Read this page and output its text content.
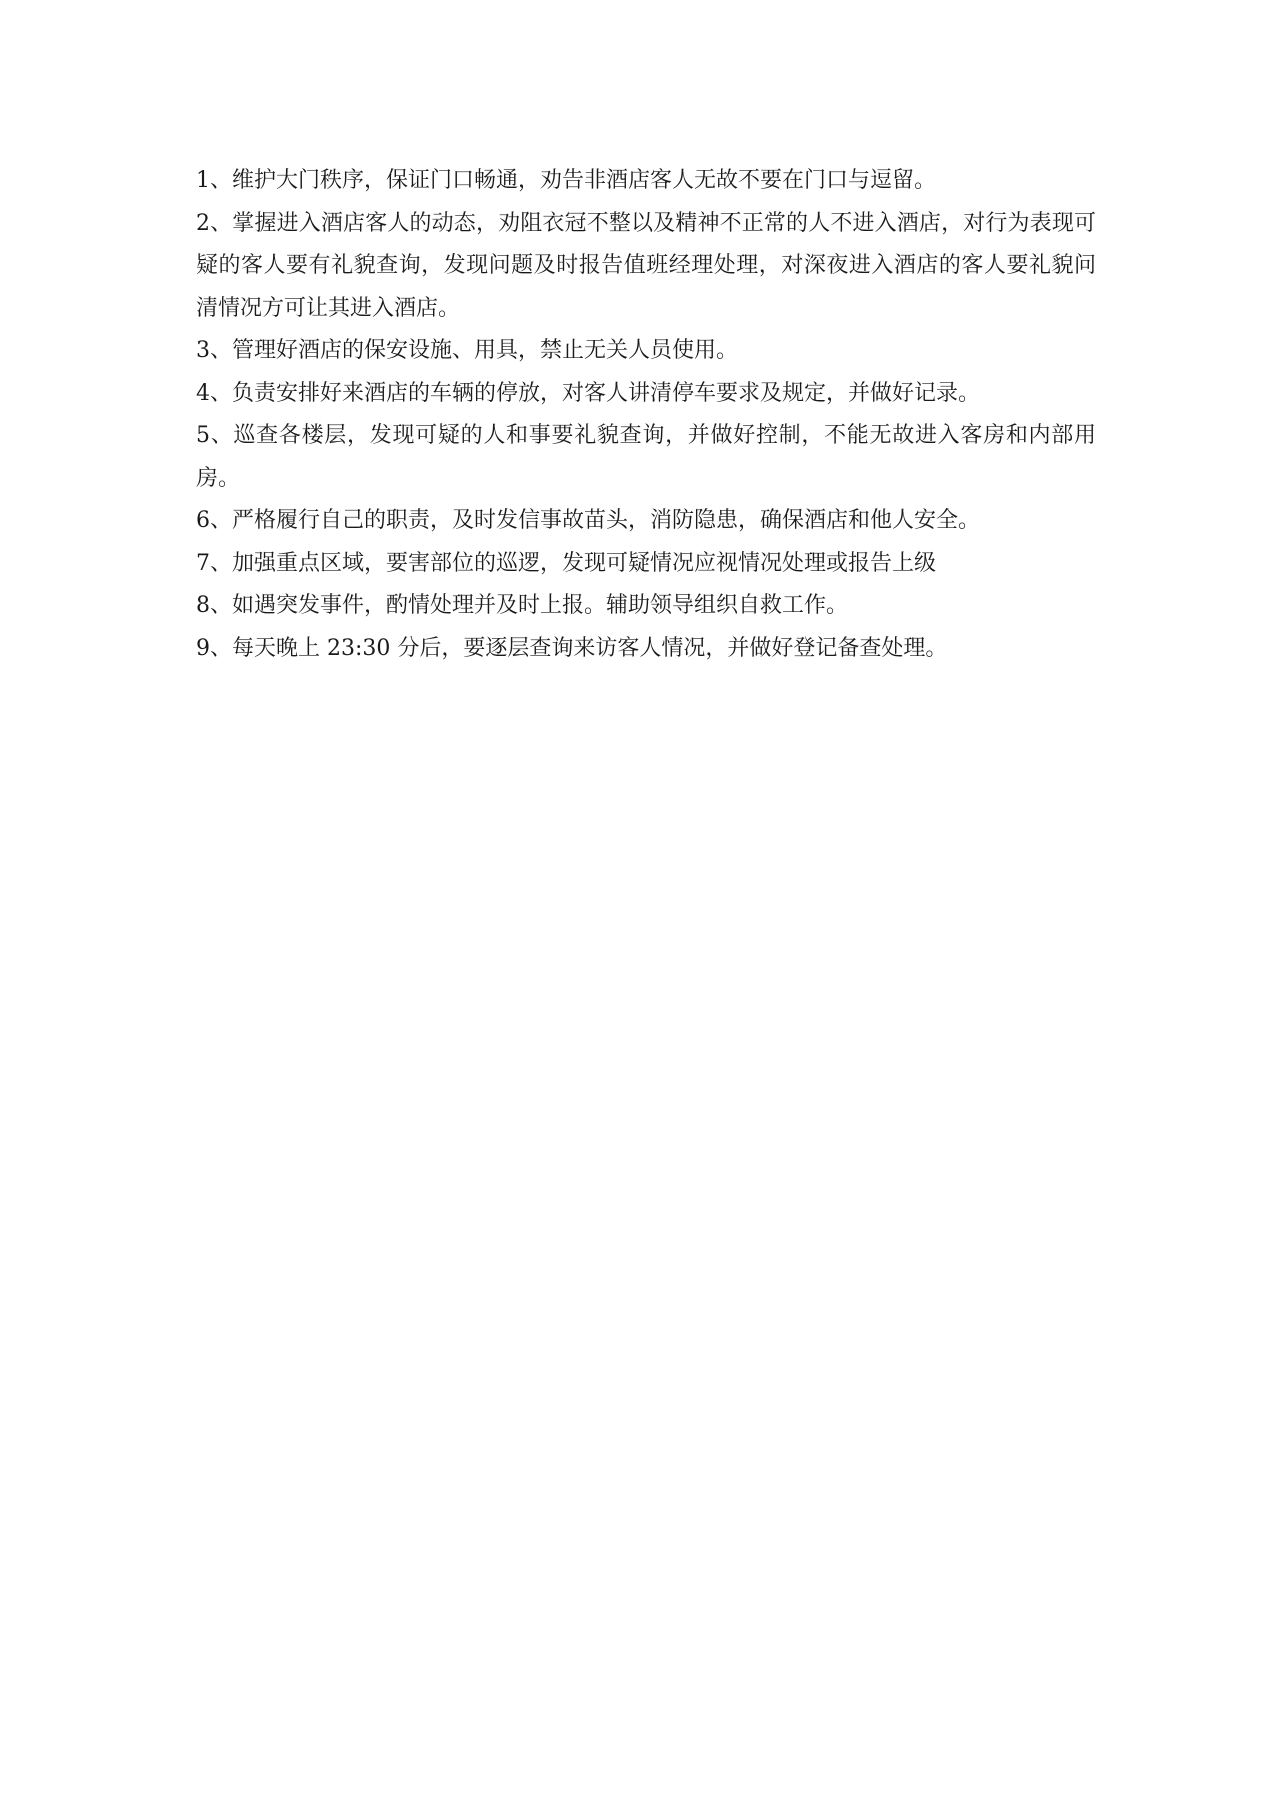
1、维护大门秩序，保证门口畅通，劝告非酒店客人无故不要在门口与逗留。

2、掌握进入酒店客人的动态，劝阻衣冠不整以及精神不正常的人不进入酒店，对行为表现可疑的客人要有礼貌查询，发现问题及时报告值班经理处理，对深夜进入酒店的客人要礼貌问清情况方可让其进入酒店。

3、管理好酒店的保安设施、用具，禁止无关人员使用。

4、负责安排好来酒店的车辆的停放，对客人讲清停车要求及规定，并做好记录。

5、巡查各楼层，发现可疑的人和事要礼貌查询，并做好控制，不能无故进入客房和内部用房。

6、严格履行自己的职责，及时发信事故苗头，消防隐患，确保酒店和他人安全。

7、加强重点区域，要害部位的巡逻，发现可疑情况应视情况处理或报告上级

8、如遇突发事件，酌情处理并及时上报。辅助领导组织自救工作。

9、每天晚上 23:30 分后，要逐层查询来访客人情况，并做好登记备查处理。
